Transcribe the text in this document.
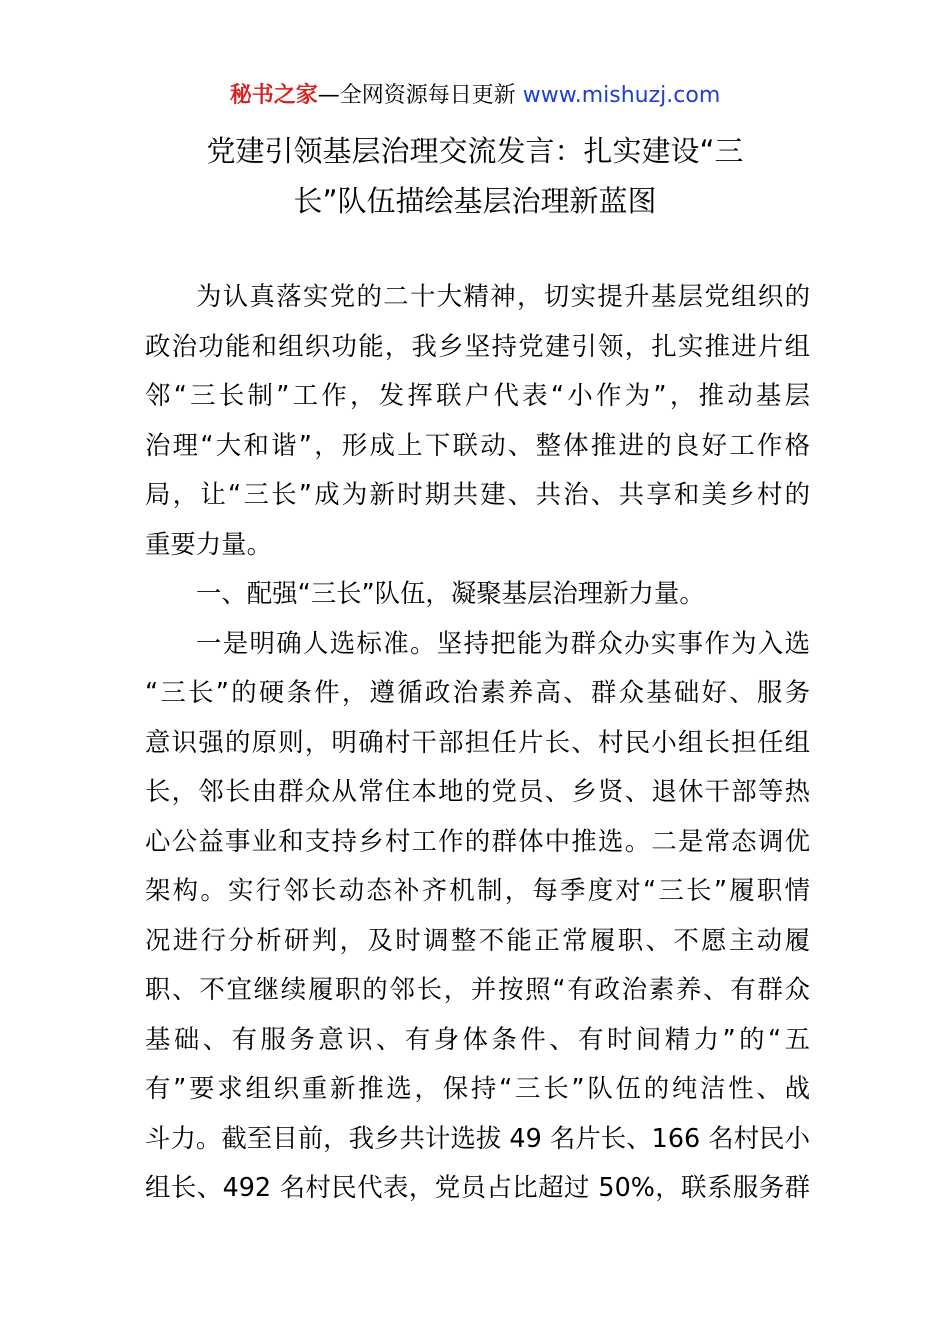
秘书之家—全网资源每日更新 www.mishuzj.com
党建引领基层治理交流发言：扎实建设“三
长”队伍描绘基层治理新蓝图
为认真落实党的二十大精神，切实提升基层党组织的
政治功能和组织功能，我乡坚持党建引领，扎实推进片组
邻“三长制”工作，发挥联户代表“小作为”，推动基层
治理“大和谐”，形成上下联动、整体推进的良好工作格
局，让“三长”成为新时期共建、共治、共享和美乡村的
重要力量。
一、配强“三长”队伍，凝聚基层治理新力量。
一是明确人选标准。坚持把能为群众办实事作为入选
“三长”的硬条件，遵循政治素养高、群众基础好、服务
意识强的原则，明确村干部担任片长、村民小组长担任组
长，邻长由群众从常住本地的党员、乡贤、退休干部等热
心公益事业和支持乡村工作的群体中推选。二是常态调优
架构。实行邻长动态补齐机制，每季度对“三长”履职情
况进行分析研判，及时调整不能正常履职、不愿主动履
职、不宜继续履职的邻长，并按照“有政治素养、有群众
基础、有服务意识、有身体条件、有时间精力”的“五
有”要求组织重新推选，保持“三长”队伍的纯洁性、战
斗力。截至目前，我乡共计选拔 49 名片长、166 名村民小
组长、492 名村民代表，党员占比超过 50%，联系服务群
